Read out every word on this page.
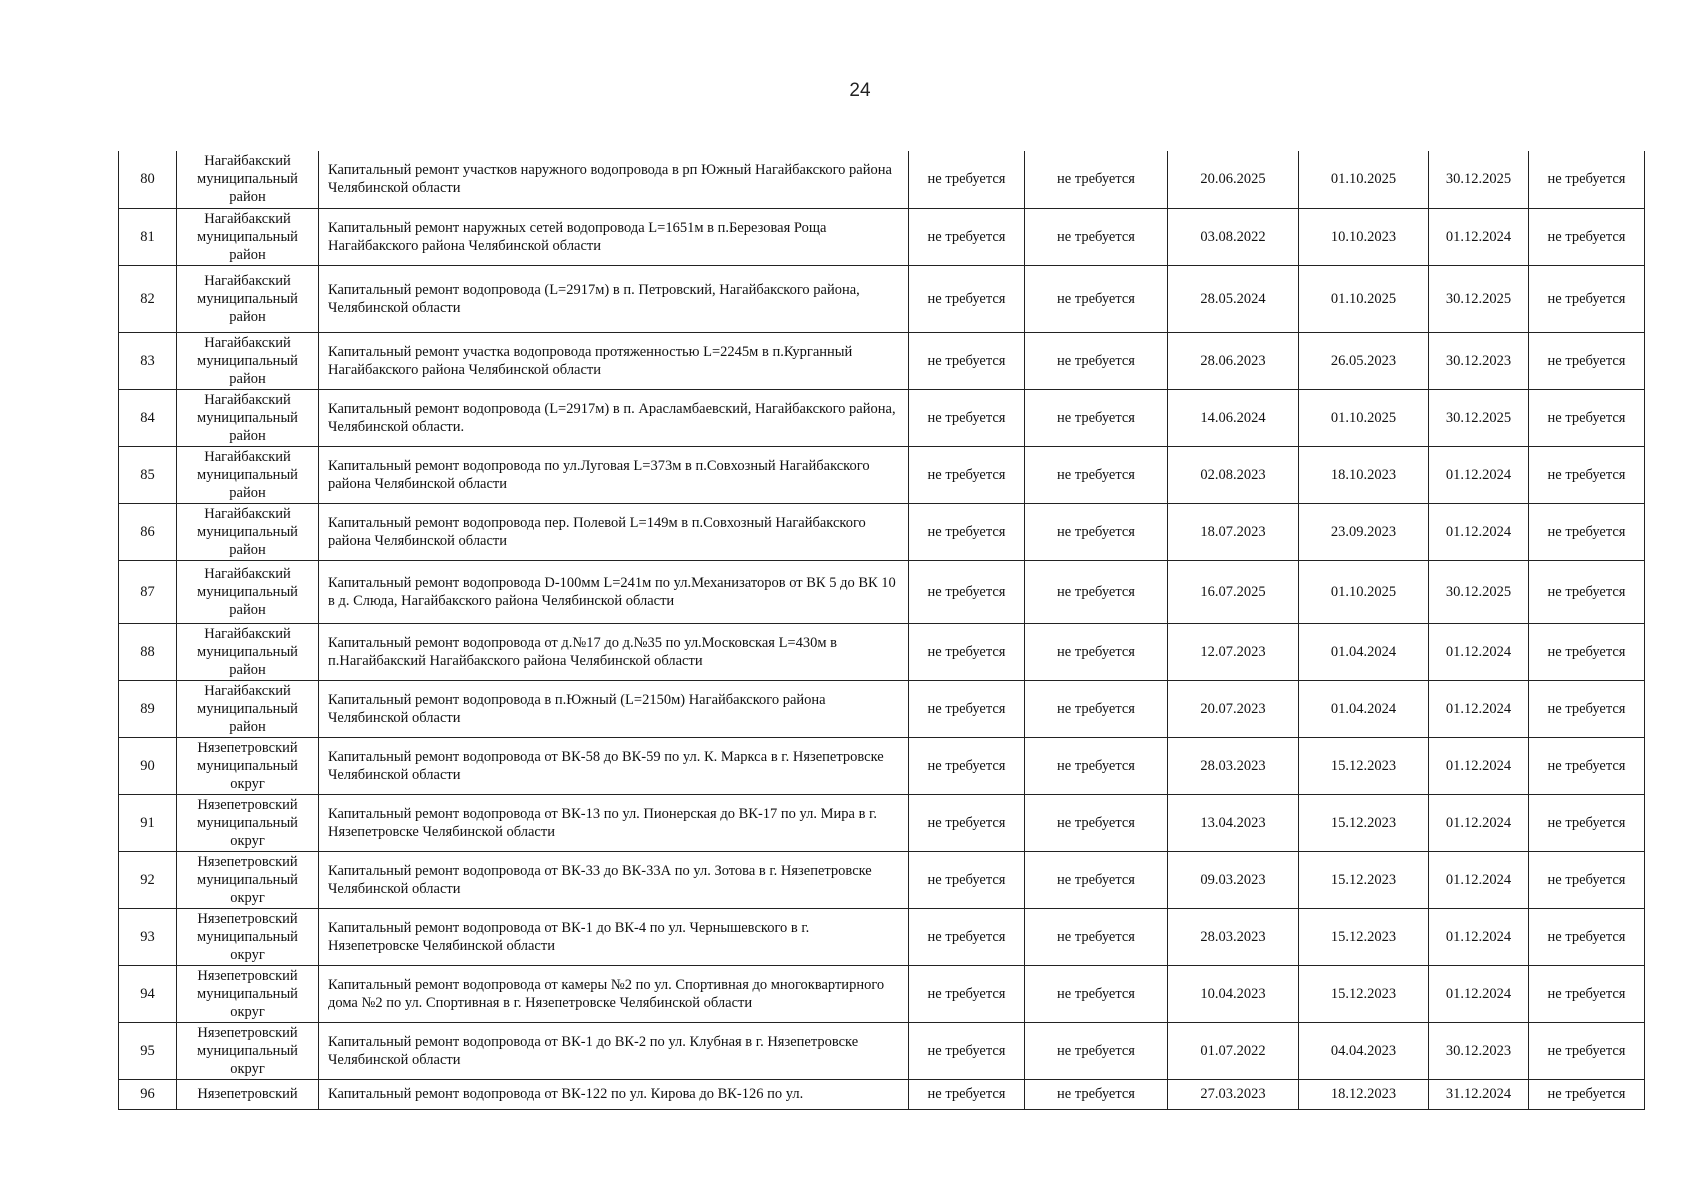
24
80	Нагайбакский муниципальный район	Капитальный ремонт участков наружного водопровода в рп Южный Нагайбакского района Челябинской области	не требуется	не требуется	20.06.2025	01.10.2025	30.12.2025	не требуется
81	Нагайбакский муниципальный район	Капитальный ремонт наружных сетей водопровода L=1651м в п.Березовая Роща Нагайбакского района Челябинской области	не требуется	не требуется	03.08.2022	10.10.2023	01.12.2024	не требуется
82	Нагайбакский муниципальный район	Капитальный ремонт водопровода (L=2917м) в п. Петровский, Нагайбакского района, Челябинской области	не требуется	не требуется	28.05.2024	01.10.2025	30.12.2025	не требуется
83	Нагайбакский муниципальный район	Капитальный ремонт участка водопровода протяженностью L=2245м в п.Курганный Нагайбакского района Челябинской области	не требуется	не требуется	28.06.2023	26.05.2023	30.12.2023	не требуется
84	Нагайбакский муниципальный район	Капитальный ремонт водопровода (L=2917м) в п. Арасламбаевский, Нагайбакского района, Челябинской области.	не требуется	не требуется	14.06.2024	01.10.2025	30.12.2025	не требуется
85	Нагайбакский муниципальный район	Капитальный ремонт водопровода по ул.Луговая L=373м в п.Совхозный Нагайбакского района Челябинской области	не требуется	не требуется	02.08.2023	18.10.2023	01.12.2024	не требуется
86	Нагайбакский муниципальный район	Капитальный ремонт водопровода пер. Полевой L=149м в п.Совхозный Нагайбакского района Челябинской области	не требуется	не требуется	18.07.2023	23.09.2023	01.12.2024	не требуется
87	Нагайбакский муниципальный район	Капитальный ремонт водопровода D-100мм L=241м по ул.Механизаторов от ВК 5 до ВК 10 в д. Слюда, Нагайбакского района Челябинской области	не требуется	не требуется	16.07.2025	01.10.2025	30.12.2025	не требуется
88	Нагайбакский муниципальный район	Капитальный ремонт водопровода от д.№17 до д.№35 по ул.Московская L=430м в п.Нагайбакский Нагайбакского района Челябинской области	не требуется	не требуется	12.07.2023	01.04.2024	01.12.2024	не требуется
89	Нагайбакский муниципальный район	Капитальный ремонт водопровода в п.Южный (L=2150м) Нагайбакского района Челябинской области	не требуется	не требуется	20.07.2023	01.04.2024	01.12.2024	не требуется
90	Нязепетровский муниципальный округ	Капитальный ремонт водопровода от ВК-58 до ВК-59 по ул. К. Маркса в г. Нязепетровске Челябинской области	не требуется	не требуется	28.03.2023	15.12.2023	01.12.2024	не требуется
91	Нязепетровский муниципальный округ	Капитальный ремонт водопровода от ВК-13 по ул. Пионерская до ВК-17 по ул. Мира в г. Нязепетровске Челябинской области	не требуется	не требуется	13.04.2023	15.12.2023	01.12.2024	не требуется
92	Нязепетровский муниципальный округ	Капитальный ремонт водопровода от ВК-33 до ВК-33А по ул. Зотова в г. Нязепетровске Челябинской области	не требуется	не требуется	09.03.2023	15.12.2023	01.12.2024	не требуется
93	Нязепетровский муниципальный округ	Капитальный ремонт водопровода от ВК-1 до ВК-4 по ул. Чернышевского в г. Нязепетровске Челябинской области	не требуется	не требуется	28.03.2023	15.12.2023	01.12.2024	не требуется
94	Нязепетровский муниципальный округ	Капитальный ремонт водопровода от камеры №2 по ул. Спортивная до многоквартирного дома №2 по ул. Спортивная в г. Нязепетровске Челябинской области	не требуется	не требуется	10.04.2023	15.12.2023	01.12.2024	не требуется
95	Нязепетровский муниципальный округ	Капитальный ремонт водопровода от ВК-1 до ВК-2 по ул. Клубная в г. Нязепетровске Челябинской области	не требуется	не требуется	01.07.2022	04.04.2023	30.12.2023	не требуется
96	Нязепетровский	Капитальный ремонт водопровода от ВК-122 по ул. Кирова до ВК-126 по ул.	не требуется	не требуется	27.03.2023	18.12.2023	31.12.2024	не требуется
